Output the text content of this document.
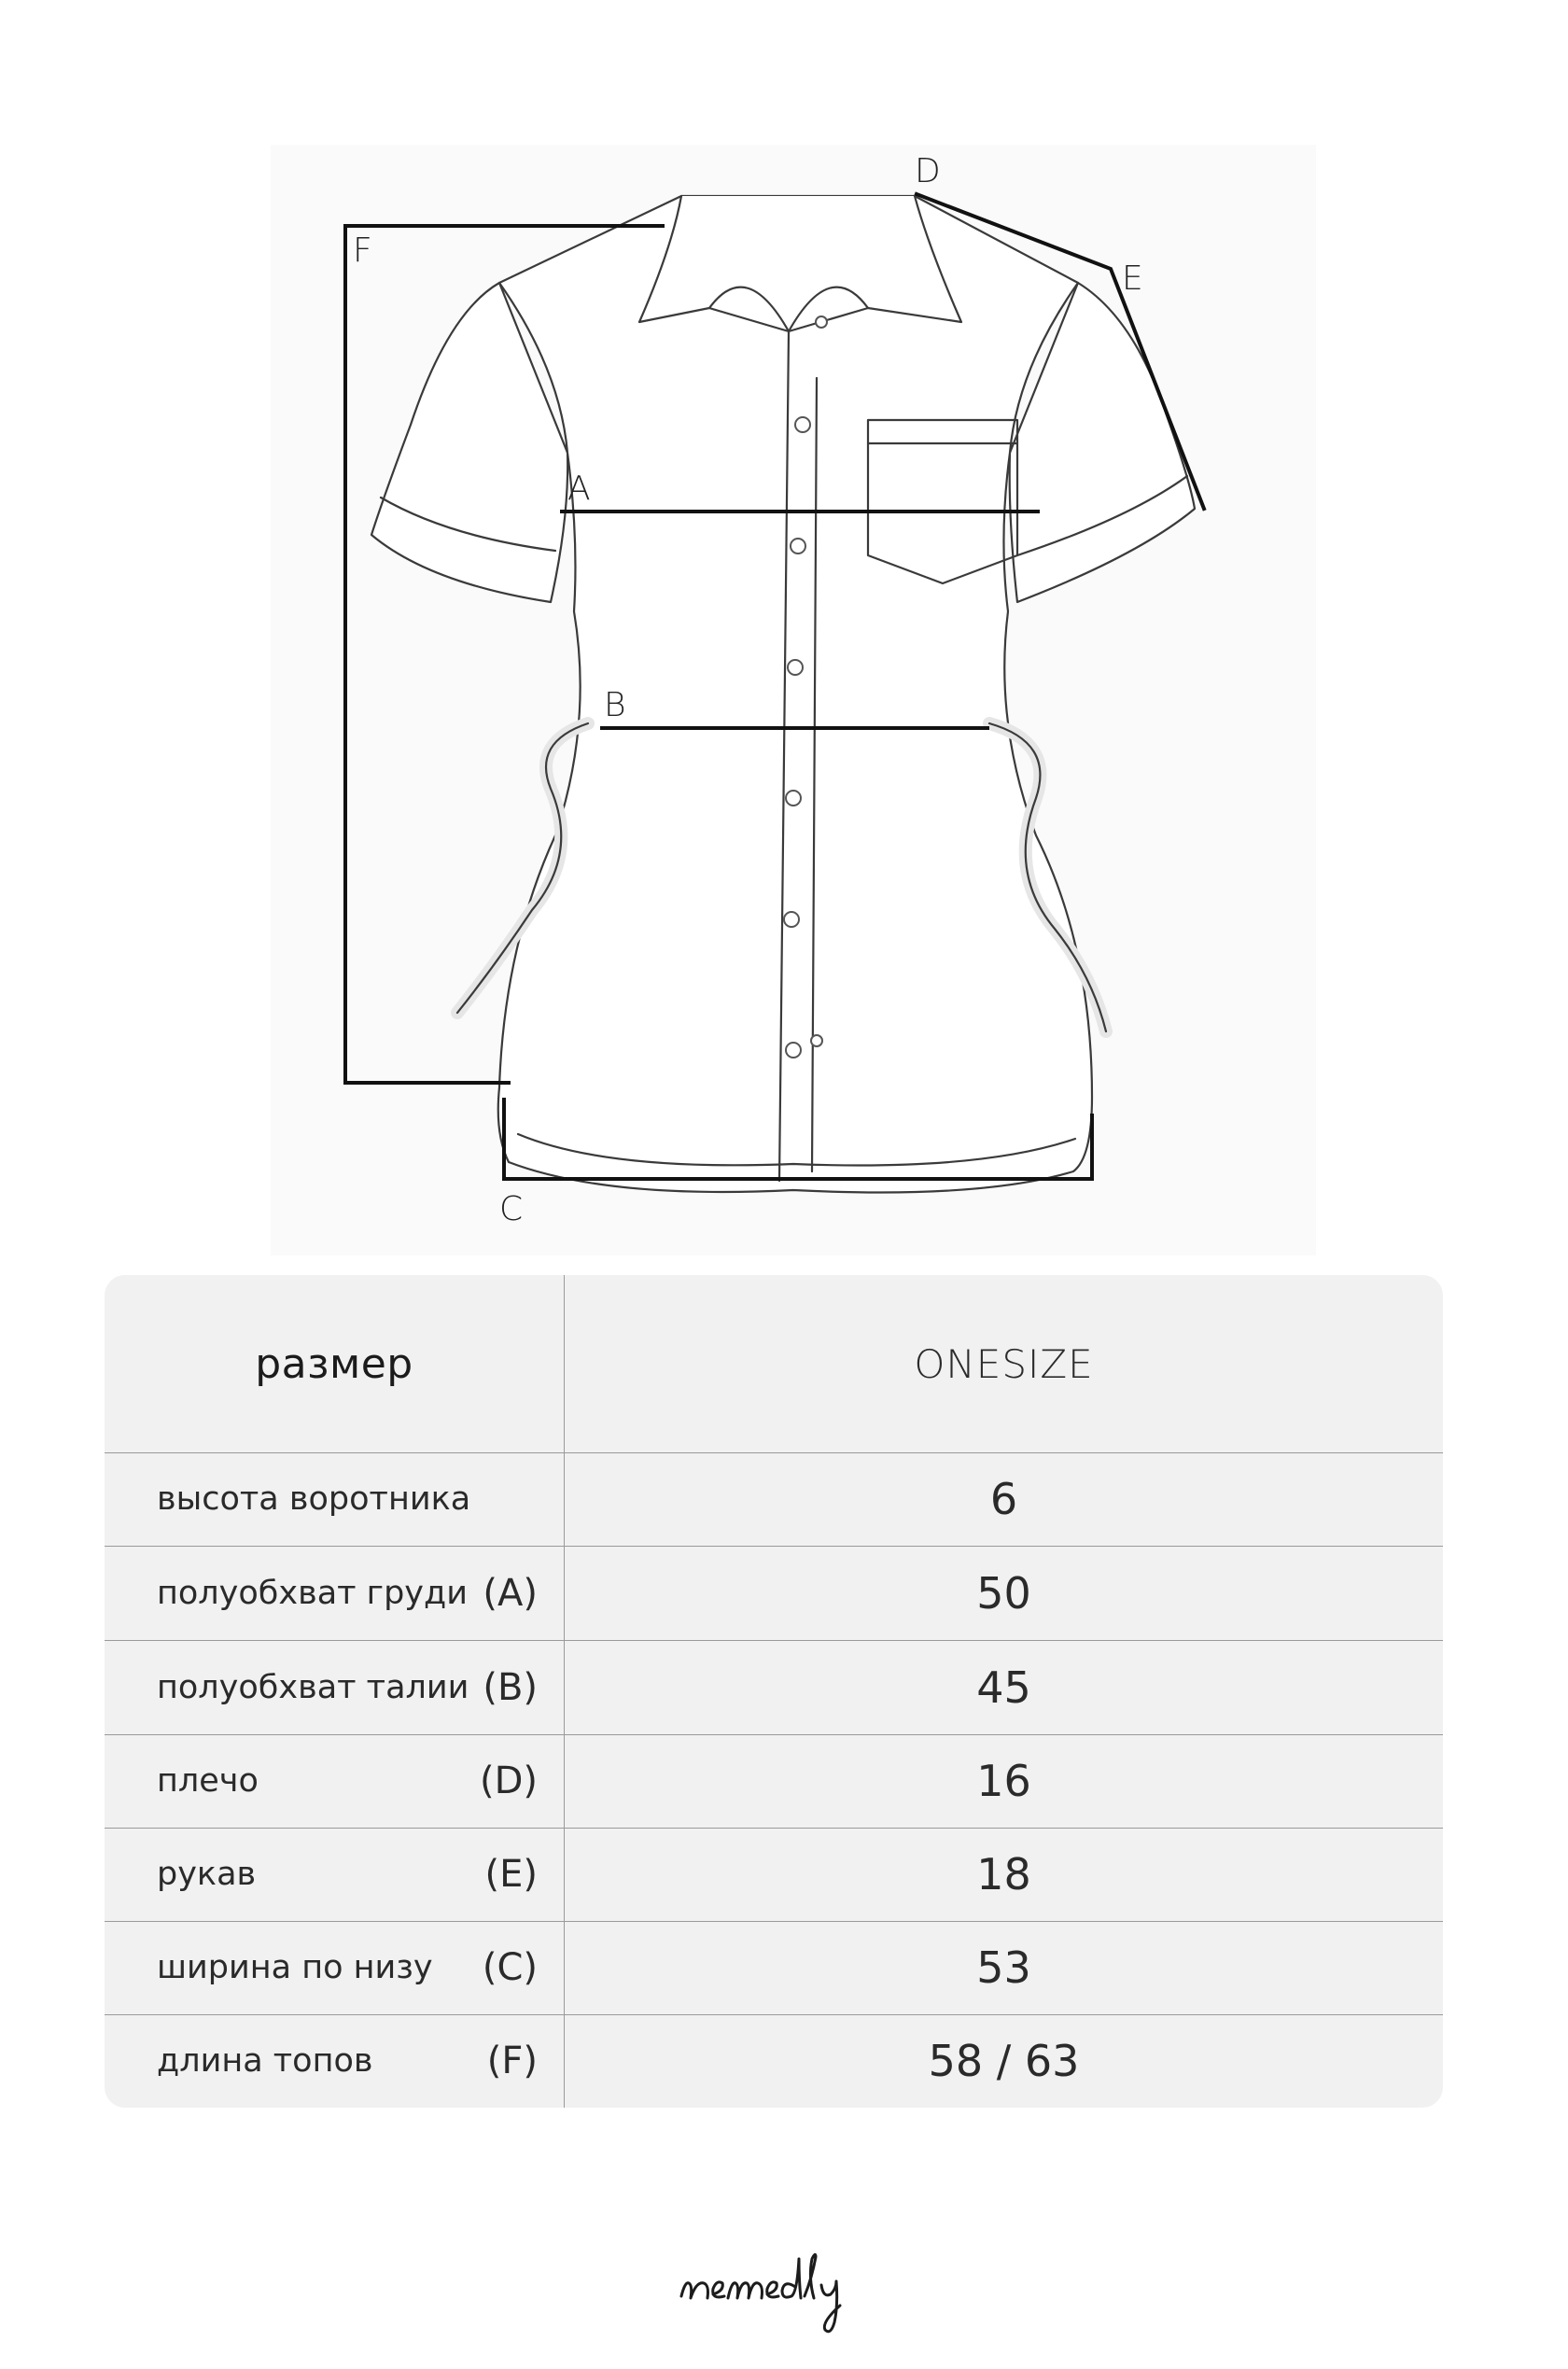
A
B
C
D
E
F
размер	ONESIZE
высота воротника	6
полуобхват груди (A)	50
полуобхват талии (B)	45
плечо	(D)	16
рукав	(E)	18
ширина по низу (C)	53
длина топов	(F)	58 / 63
